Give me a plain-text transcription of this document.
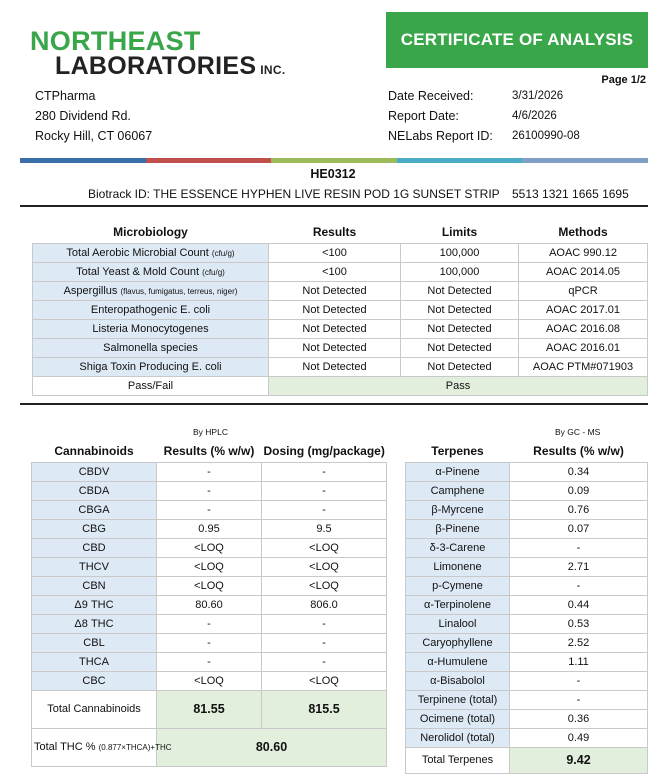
NORTHEAST
LABORATORIES INC.
CERTIFICATE OF ANALYSIS
Page 1/2
CTPharma
280 Dividend Rd.
Rocky Hill, CT 06067
Date Received:	3/31/2026
Report Date:	4/6/2026
NELabs Report ID:	26100990-08
HE0312
Biotrack ID: THE ESSENCE HYPHEN LIVE RESIN POD 1G SUNSET STRIP 5513 1321 1665 1695
Microbiology	Results	Limits	Methods
Total Aerobic Microbial Count (cfu/g)	<100	100,000	AOAC 990.12
Total Yeast & Mold Count (cfu/g)	<100	100,000	AOAC 2014.05
Aspergillus (flavus, fumigatus, terreus, niger)	Not Detected	Not Detected	qPCR
Enteropathogenic E. coli	Not Detected	Not Detected	AOAC 2017.01
Listeria Monocytogenes	Not Detected	Not Detected	AOAC 2016.08
Salmonella species	Not Detected	Not Detected	AOAC 2016.01
Shiga Toxin Producing E. coli	Not Detected	Not Detected	AOAC PTM#071903
Pass/Fail	Pass		
By HPLC
Cannabinoids	Results (% w/w)	Dosing (mg/package)
CBDV	-	-
CBDA	-	-
CBGA	-	-
CBG	0.95	9.5
CBD	<LOQ	<LOQ
THCV	<LOQ	<LOQ
CBN	<LOQ	<LOQ
Δ9 THC	80.60	806.0
Δ8 THC	-	-
CBL	-	-
THCA	-	-
CBC	<LOQ	<LOQ
Total Cannabinoids	81.55	815.5
Total THC % (0.877×THCA)+THC	80.60	
By GC - MS
Terpenes	Results (% w/w)
α-Pinene	0.34
Camphene	0.09
β-Myrcene	0.76
β-Pinene	0.07
δ-3-Carene	-
Limonene	2.71
p-Cymene	-
α-Terpinolene	0.44
Linalool	0.53
Caryophyllene	2.52
α-Humulene	1.11
α-Bisabolol	-
Terpinene (total)	-
Ocimene (total)	0.36
Nerolidol (total)	0.49
Total Terpenes	9.42
